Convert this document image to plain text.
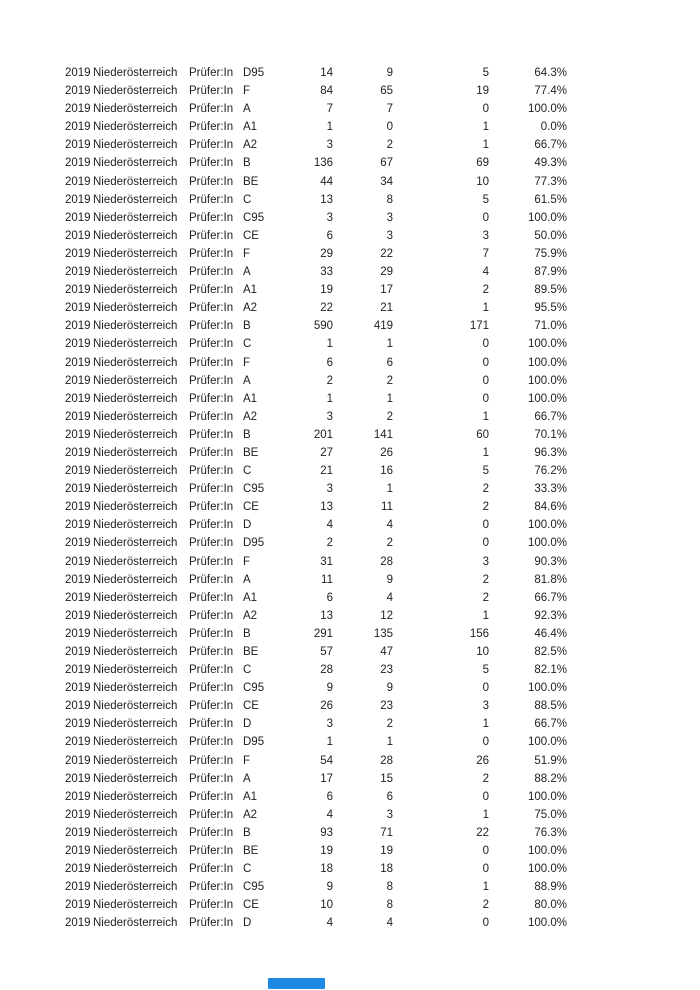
2019 Niederösterreich	Prüfer:In D95	14	9	5	64.3%
2019 Niederösterreich	Prüfer:In F	84	65	19	77.4%
2019 Niederösterreich	Prüfer:In A	7	7	0	100.0%
2019 Niederösterreich	Prüfer:In A1	1	0	1	0.0%
2019 Niederösterreich	Prüfer:In A2	3	2	1	66.7%
2019 Niederösterreich	Prüfer:In B	136	67	69	49.3%
2019 Niederösterreich	Prüfer:In BE	44	34	10	77.3%
2019 Niederösterreich	Prüfer:In C	13	8	5	61.5%
2019 Niederösterreich	Prüfer:In C95	3	3	0	100.0%
2019 Niederösterreich	Prüfer:In CE	6	3	3	50.0%
2019 Niederösterreich	Prüfer:In F	29	22	7	75.9%
2019 Niederösterreich	Prüfer:In A	33	29	4	87.9%
2019 Niederösterreich	Prüfer:In A1	19	17	2	89.5%
2019 Niederösterreich	Prüfer:In A2	22	21	1	95.5%
2019 Niederösterreich	Prüfer:In B	590	419	171	71.0%
2019 Niederösterreich	Prüfer:In C	1	1	0	100.0%
2019 Niederösterreich	Prüfer:In F	6	6	0	100.0%
2019 Niederösterreich	Prüfer:In A	2	2	0	100.0%
2019 Niederösterreich	Prüfer:In A1	1	1	0	100.0%
2019 Niederösterreich	Prüfer:In A2	3	2	1	66.7%
2019 Niederösterreich	Prüfer:In B	201	141	60	70.1%
2019 Niederösterreich	Prüfer:In BE	27	26	1	96.3%
2019 Niederösterreich	Prüfer:In C	21	16	5	76.2%
2019 Niederösterreich	Prüfer:In C95	3	1	2	33.3%
2019 Niederösterreich	Prüfer:In CE	13	11	2	84.6%
2019 Niederösterreich	Prüfer:In D	4	4	0	100.0%
2019 Niederösterreich	Prüfer:In D95	2	2	0	100.0%
2019 Niederösterreich	Prüfer:In F	31	28	3	90.3%
2019 Niederösterreich	Prüfer:In A	11	9	2	81.8%
2019 Niederösterreich	Prüfer:In A1	6	4	2	66.7%
2019 Niederösterreich	Prüfer:In A2	13	12	1	92.3%
2019 Niederösterreich	Prüfer:In B	291	135	156	46.4%
2019 Niederösterreich	Prüfer:In BE	57	47	10	82.5%
2019 Niederösterreich	Prüfer:In C	28	23	5	82.1%
2019 Niederösterreich	Prüfer:In C95	9	9	0	100.0%
2019 Niederösterreich	Prüfer:In CE	26	23	3	88.5%
2019 Niederösterreich	Prüfer:In D	3	2	1	66.7%
2019 Niederösterreich	Prüfer:In D95	1	1	0	100.0%
2019 Niederösterreich	Prüfer:In F	54	28	26	51.9%
2019 Niederösterreich	Prüfer:In A	17	15	2	88.2%
2019 Niederösterreich	Prüfer:In A1	6	6	0	100.0%
2019 Niederösterreich	Prüfer:In A2	4	3	1	75.0%
2019 Niederösterreich	Prüfer:In B	93	71	22	76.3%
2019 Niederösterreich	Prüfer:In BE	19	19	0	100.0%
2019 Niederösterreich	Prüfer:In C	18	18	0	100.0%
2019 Niederösterreich	Prüfer:In C95	9	8	1	88.9%
2019 Niederösterreich	Prüfer:In CE	10	8	2	80.0%
2019 Niederösterreich	Prüfer:In D	4	4	0	100.0%
